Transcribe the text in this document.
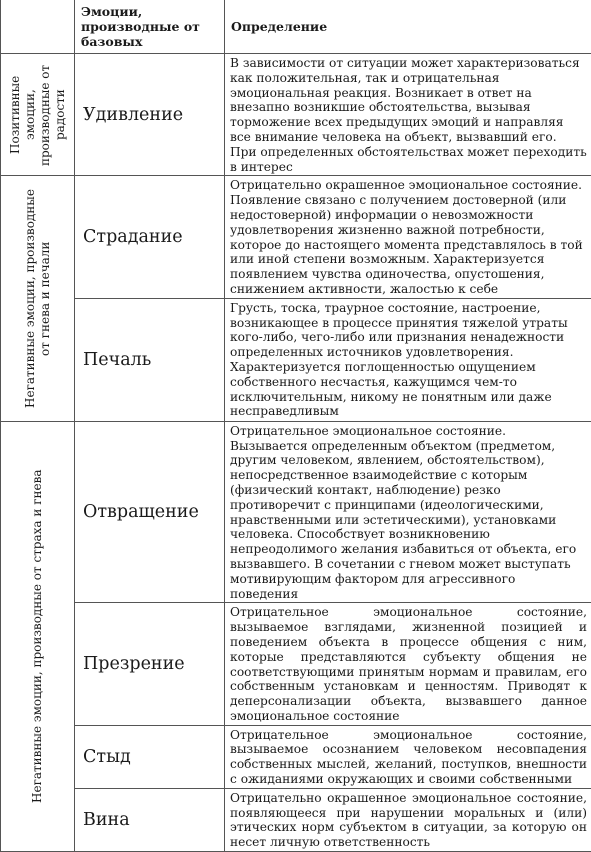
	Эмоции, производные от базовых	Определение

Позитивные эмоции, производные от радости	Удивление	В зависимости от ситуации может характеризоваться как положительная, так и отрицательная эмоциональная реакция. Возникает в ответ на внезапно возникшие обстоятельства, вызывая торможение всех предыдущих эмоций и направляя все внимание человека на объект, вызвавший его. При определенных обстоятельствах может переходить в интерес

Негативные эмоции, производные от гнева и печали	Страдание	Отрицательно окрашенное эмоциональное состояние. Появление связано с получением достоверной (или недостоверной) информации о невозможности удовлетворения жизненно важной потребности, которое до настоящего момента представлялось в той или иной степени возможным. Характеризуется появлением чувства одиночества, опустошения, снижением активности, жалостью к себе
	Печаль	Грусть, тоска, траурное состояние, настроение, возникающее в процессе принятия тяжелой утраты кого-либо, чего-либо или признания ненадежности определенных источников удовлетворения. Характеризуется поглощенностью ощущением собственного несчастья, кажущимся чем-то исключительным, никому не понятным или даже несправедливым

Негативные эмоции, производные от страха и гнева	Отвращение	Отрицательное эмоциональное состояние. Вызывается определенным объектом (предметом, другим человеком, явлением, обстоятельством), непосредственное взаимодействие с которым (физический контакт, наблюдение) резко противоречит с принципами (идеологическими, нравственными или эстетическими), установками человека. Способствует возникновению непреодолимого желания избавиться от объекта, его вызвавшего. В сочетании с гневом может выступать мотивирующим фактором для агрессивного поведения
	Презрение	Отрицательное эмоциональное состояние, вызываемое взглядами, жизненной позицией и поведением объекта в процессе общения с ним, которые представляются субъекту общения не соответствующими принятым нормам и правилам, его собственным установкам и ценностям. Приводят к деперсонализации объекта, вызвавшего данное эмоциональное состояние
	Стыд	Отрицательное эмоциональное состояние, вызываемое осознанием человеком несовпадения собственных мыслей, желаний, поступков, внешности с ожиданиями окружающих и своими собственными
	Вина	Отрицательно окрашенное эмоциональное состояние, появляющееся при нарушении моральных и (или) этических норм субъектом в ситуации, за которую он несет личную ответственность
